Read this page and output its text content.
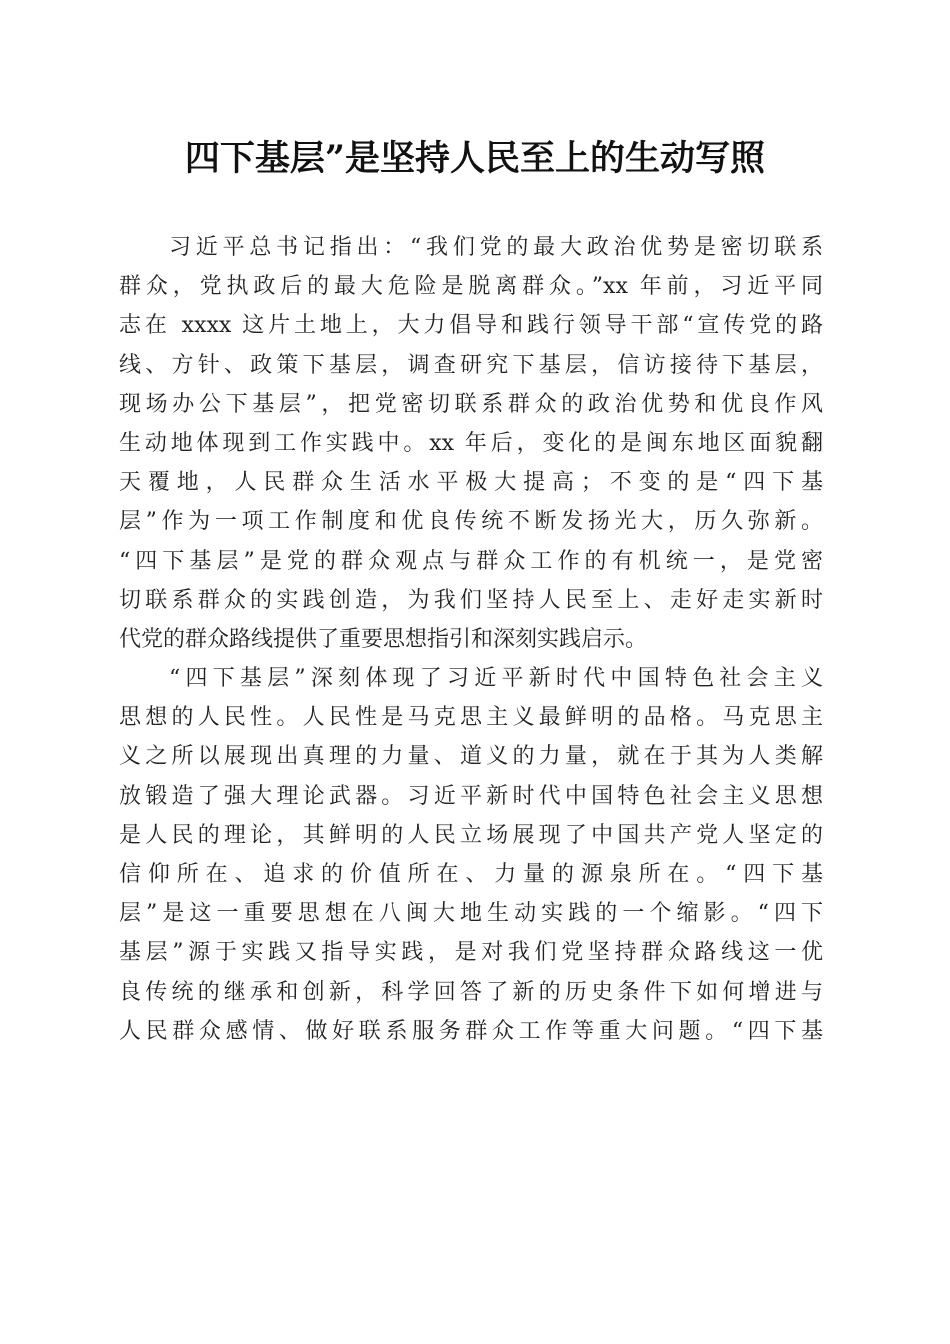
四下基层”是坚持人民至上的生动写照
习近平总书记指出：“我们党的最大政治优势是密切联系
群众，党执政后的最大危险是脱离群众。”xx 年前，习近平同
志在 xxxx 这片土地上，大力倡导和践行领导干部“宣传党的路
线、方针、政策下基层，调查研究下基层，信访接待下基层，
现场办公下基层”，把党密切联系群众的政治优势和优良作风
生动地体现到工作实践中。xx 年后，变化的是闽东地区面貌翻
天覆地，人民群众生活水平极大提高；不变的是“四下基
层”作为一项工作制度和优良传统不断发扬光大，历久弥新。
“四下基层”是党的群众观点与群众工作的有机统一，是党密
切联系群众的实践创造，为我们坚持人民至上、走好走实新时
代党的群众路线提供了重要思想指引和深刻实践启示。
“四下基层”深刻体现了习近平新时代中国特色社会主义
思想的人民性。人民性是马克思主义最鲜明的品格。马克思主
义之所以展现出真理的力量、道义的力量，就在于其为人类解
放锻造了强大理论武器。习近平新时代中国特色社会主义思想
是人民的理论，其鲜明的人民立场展现了中国共产党人坚定的
信仰所在、追求的价值所在、力量的源泉所在。“四下基
层”是这一重要思想在八闽大地生动实践的一个缩影。“四下
基层”源于实践又指导实践，是对我们党坚持群众路线这一优
良传统的继承和创新，科学回答了新的历史条件下如何增进与
人民群众感情、做好联系服务群众工作等重大问题。“四下基
